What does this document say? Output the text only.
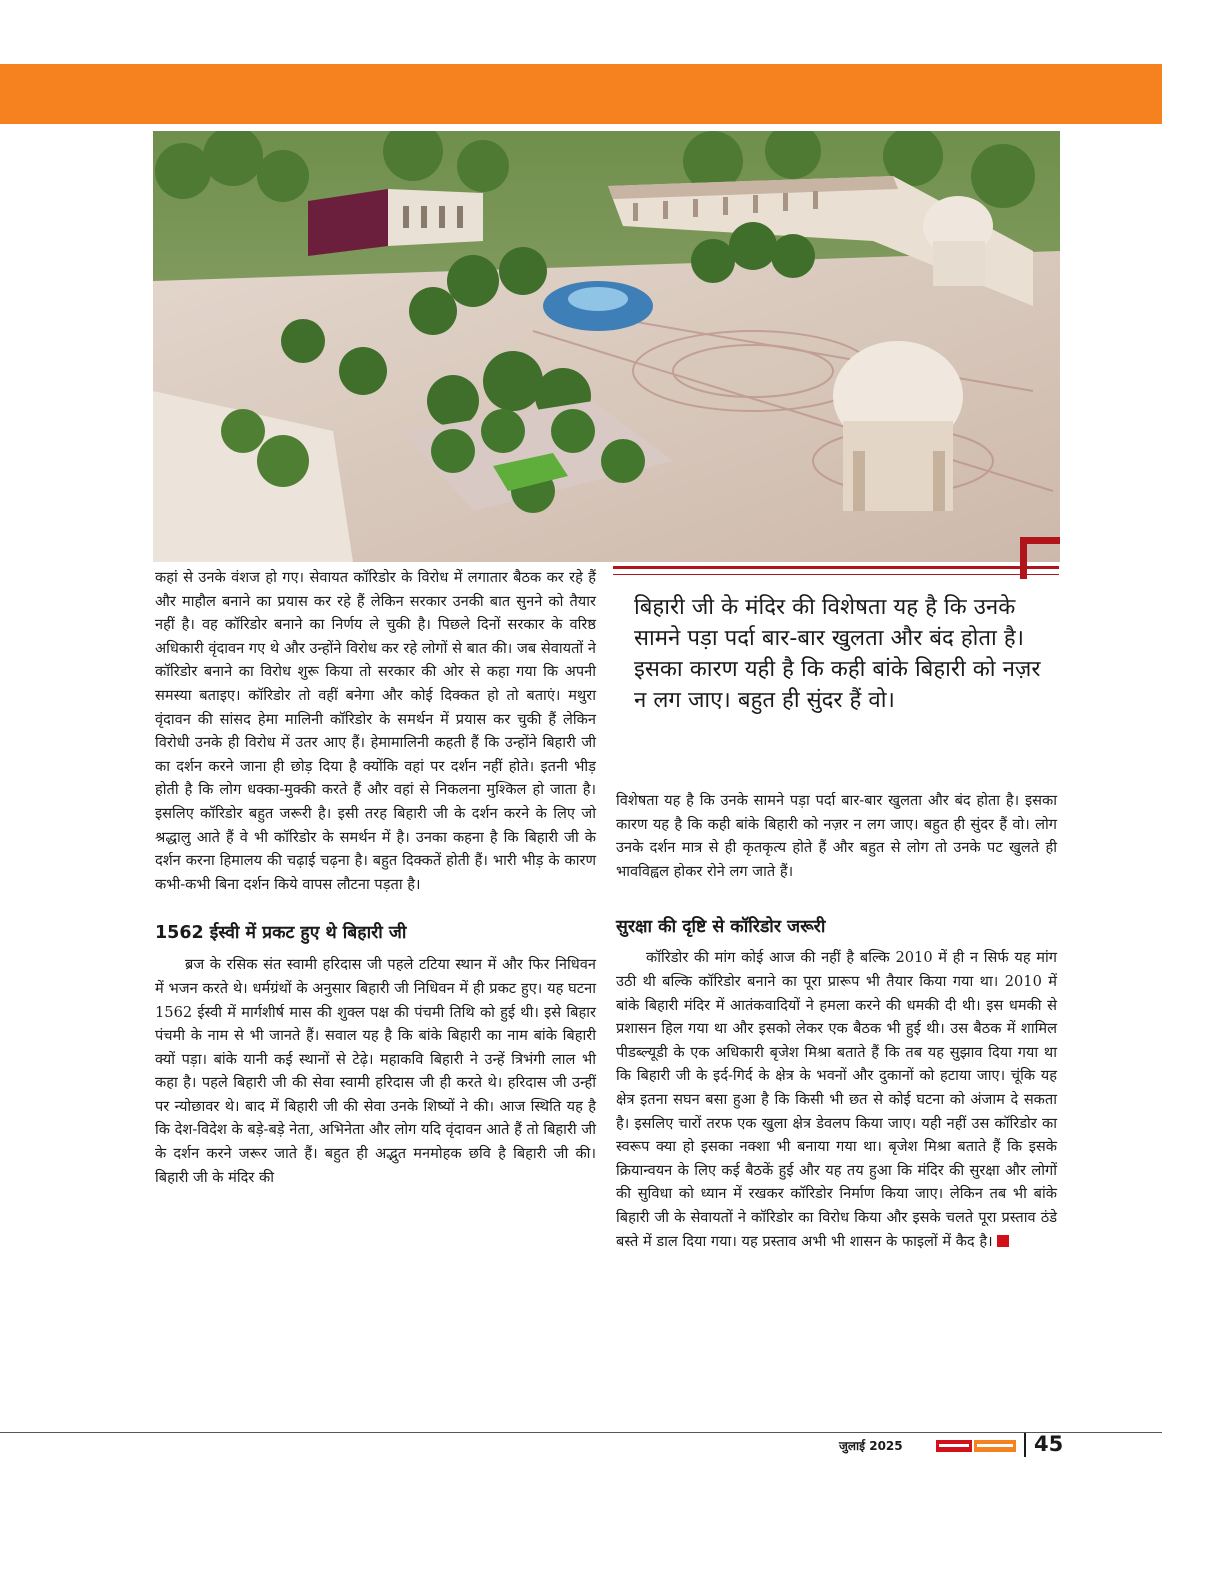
कहां से उनके वंशज हो गए। सेवायत कॉरिडोर के विरोध में लगातार बैठक कर रहे हैं और माहौल बनाने का प्रयास कर रहे हैं लेकिन सरकार उनकी बात सुनने को तैयार नहीं है। वह कॉरिडोर बनाने का निर्णय ले चुकी है। पिछले दिनों सरकार के वरिष्ठ अधिकारी वृंदावन गए थे और उन्होंने विरोध कर रहे लोगों से बात की। जब सेवायतों ने कॉरिडोर बनाने का विरोध शुरू किया तो सरकार की ओर से कहा गया कि अपनी समस्या बताइए। कॉरिडोर तो वहीं बनेगा और कोई दिक्कत हो तो बताएं। मथुरा वृंदावन की सांसद हेमा मालिनी कॉरिडोर के समर्थन में प्रयास कर चुकी हैं लेकिन विरोधी उनके ही विरोध में उतर आए हैं। हेमामालिनी कहती हैं कि उन्होंने बिहारी जी का दर्शन करने जाना ही छोड़ दिया है क्योंकि वहां पर दर्शन नहीं होते। इतनी भीड़ होती है कि लोग धक्का-मुक्की करते हैं और वहां से निकलना मुश्किल हो जाता है। इसलिए कॉरिडोर बहुत जरूरी है। इसी तरह बिहारी जी के दर्शन करने के लिए जो श्रद्धालु आते हैं वे भी कॉरिडोर के समर्थन में है। उनका कहना है कि बिहारी जी के दर्शन करना हिमालय की चढ़ाई चढ़ना है। बहुत दिक्कतें होती हैं। भारी भीड़ के कारण कभी-कभी बिना दर्शन किये वापस लौटना पड़ता है।

1562 ईस्वी में प्रकट हुए थे बिहारी जी

ब्रज के रसिक संत स्वामी हरिदास जी पहले टटिया स्थान में और फिर निधिवन में भजन करते थे। धर्मग्रंथों के अनुसार बिहारी जी निधिवन में ही प्रकट हुए। यह घटना 1562 ईस्वी में मार्गशीर्ष मास की शुक्ल पक्ष की पंचमी तिथि को हुई थी। इसे बिहार पंचमी के नाम से भी जानते हैं। सवाल यह है कि बांके बिहारी का नाम बांके बिहारी क्यों पड़ा। बांके यानी कई स्थानों से टेढ़े। महाकवि बिहारी ने उन्हें त्रिभंगी लाल भी कहा है। पहले बिहारी जी की सेवा स्वामी हरिदास जी ही करते थे। हरिदास जी उन्हीं पर न्योछावर थे। बाद में बिहारी जी की सेवा उनके शिष्यों ने की। आज स्थिति यह है कि देश-विदेश के बड़े-बड़े नेता, अभिनेता और लोग यदि वृंदावन आते हैं तो बिहारी जी के दर्शन करने जरूर जाते हैं। बहुत ही अद्भुत मनमोहक छवि है बिहारी जी की। बिहारी जी के मंदिर की

बिहारी जी के मंदिर की विशेषता यह है कि उनके सामने पड़ा पर्दा बार-बार खुलता और बंद होता है। इसका कारण यही है कि कही बांके बिहारी को नज़र न लग जाए। बहुत ही सुंदर हैं वो।

विशेषता यह है कि उनके सामने पड़ा पर्दा बार-बार खुलता और बंद होता है। इसका कारण यह है कि कही बांके बिहारी को नज़र न लग जाए। बहुत ही सुंदर हैं वो। लोग उनके दर्शन मात्र से ही कृतकृत्य होते हैं और बहुत से लोग तो उनके पट खुलते ही भावविह्वल होकर रोने लग जाते हैं।

सुरक्षा की दृष्टि से कॉरिडोर जरूरी

कॉरिडोर की मांग कोई आज की नहीं है बल्कि 2010 में ही न सिर्फ यह मांग उठी थी बल्कि कॉरिडोर बनाने का पूरा प्रारूप भी तैयार किया गया था। 2010 में बांके बिहारी मंदिर में आतंकवादियों ने हमला करने की धमकी दी थी। इस धमकी से प्रशासन हिल गया था और इसको लेकर एक बैठक भी हुई थी। उस बैठक में शामिल पीडब्ल्यूडी के एक अधिकारी बृजेश मिश्रा बताते हैं कि तब यह सुझाव दिया गया था कि बिहारी जी के इर्द-गिर्द के क्षेत्र के भवनों और दुकानों को हटाया जाए। चूंकि यह क्षेत्र इतना सघन बसा हुआ है कि किसी भी छत से कोई घटना को अंजाम दे सकता है। इसलिए चारों तरफ एक खुला क्षेत्र डेवलप किया जाए। यही नहीं उस कॉरिडोर का स्वरूप क्या हो इसका नक्शा भी बनाया गया था। बृजेश मिश्रा बताते हैं कि इसके क्रियान्वयन के लिए कई बैठकें हुई और यह तय हुआ कि मंदिर की सुरक्षा और लोगों की सुविधा को ध्यान में रखकर कॉरिडोर निर्माण किया जाए। लेकिन तब भी बांके बिहारी जी के सेवायतों ने कॉरिडोर का विरोध किया और इसके चलते पूरा प्रस्ताव ठंडे बस्ते में डाल दिया गया। यह प्रस्ताव अभी भी शासन के फाइलों में कैद है।

जुलाई 2025	45
